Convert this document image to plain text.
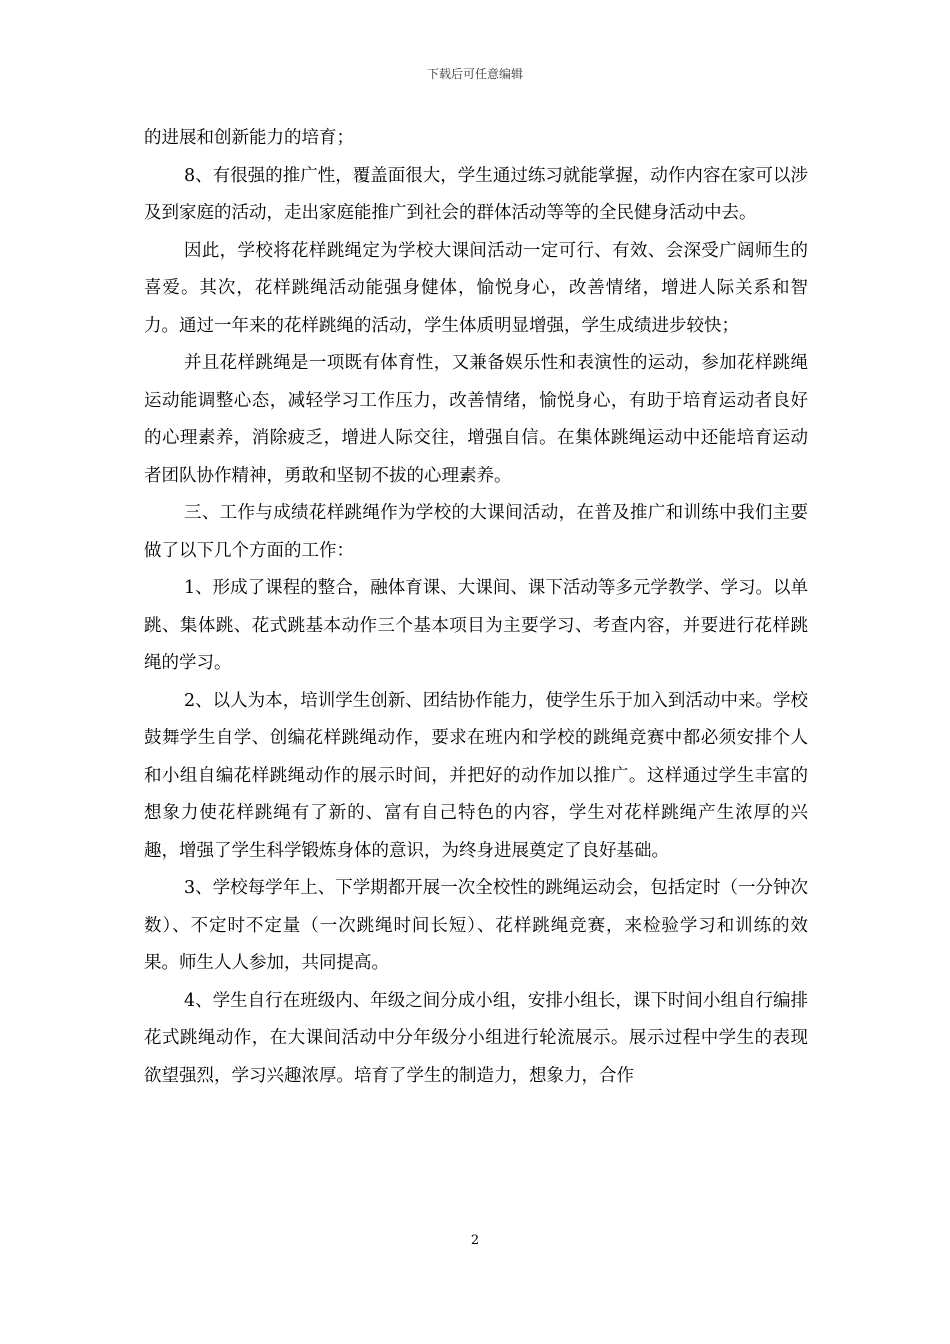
下载后可任意编辑

的进展和创新能力的培育；

8、有很强的推广性，覆盖面很大，学生通过练习就能掌握，动作内容在家可以涉及到家庭的活动，走出家庭能推广到社会的群体活动等等的全民健身活动中去。

因此，学校将花样跳绳定为学校大课间活动一定可行、有效、会深受广阔师生的喜爱。其次，花样跳绳活动能强身健体，愉悦身心，改善情绪，增进人际关系和智力。通过一年来的花样跳绳的活动，学生体质明显增强，学生成绩进步较快；

并且花样跳绳是一项既有体育性，又兼备娱乐性和表演性的运动，参加花样跳绳运动能调整心态，减轻学习工作压力，改善情绪，愉悦身心，有助于培育运动者良好的心理素养，消除疲乏，增进人际交往，增强自信。在集体跳绳运动中还能培育运动者团队协作精神，勇敢和坚韧不拔的心理素养。

三、工作与成绩花样跳绳作为学校的大课间活动，在普及推广和训练中我们主要做了以下几个方面的工作：

1、形成了课程的整合，融体育课、大课间、课下活动等多元学教学、学习。以单跳、集体跳、花式跳基本动作三个基本项目为主要学习、考查内容，并要进行花样跳绳的学习。

2、以人为本，培训学生创新、团结协作能力，使学生乐于加入到活动中来。学校鼓舞学生自学、创编花样跳绳动作，要求在班内和学校的跳绳竞赛中都必须安排个人和小组自编花样跳绳动作的展示时间，并把好的动作加以推广。这样通过学生丰富的想象力使花样跳绳有了新的、富有自己特色的内容，学生对花样跳绳产生浓厚的兴趣，增强了学生科学锻炼身体的意识，为终身进展奠定了良好基础。

3、学校每学年上、下学期都开展一次全校性的跳绳运动会，包括定时（一分钟次数）、不定时不定量（一次跳绳时间长短）、花样跳绳竞赛，来检验学习和训练的效果。师生人人参加，共同提高。

4、学生自行在班级内、年级之间分成小组，安排小组长，课下时间小组自行编排花式跳绳动作，在大课间活动中分年级分小组进行轮流展示。展示过程中学生的表现欲望强烈，学习兴趣浓厚。培育了学生的制造力，想象力，合作

2
